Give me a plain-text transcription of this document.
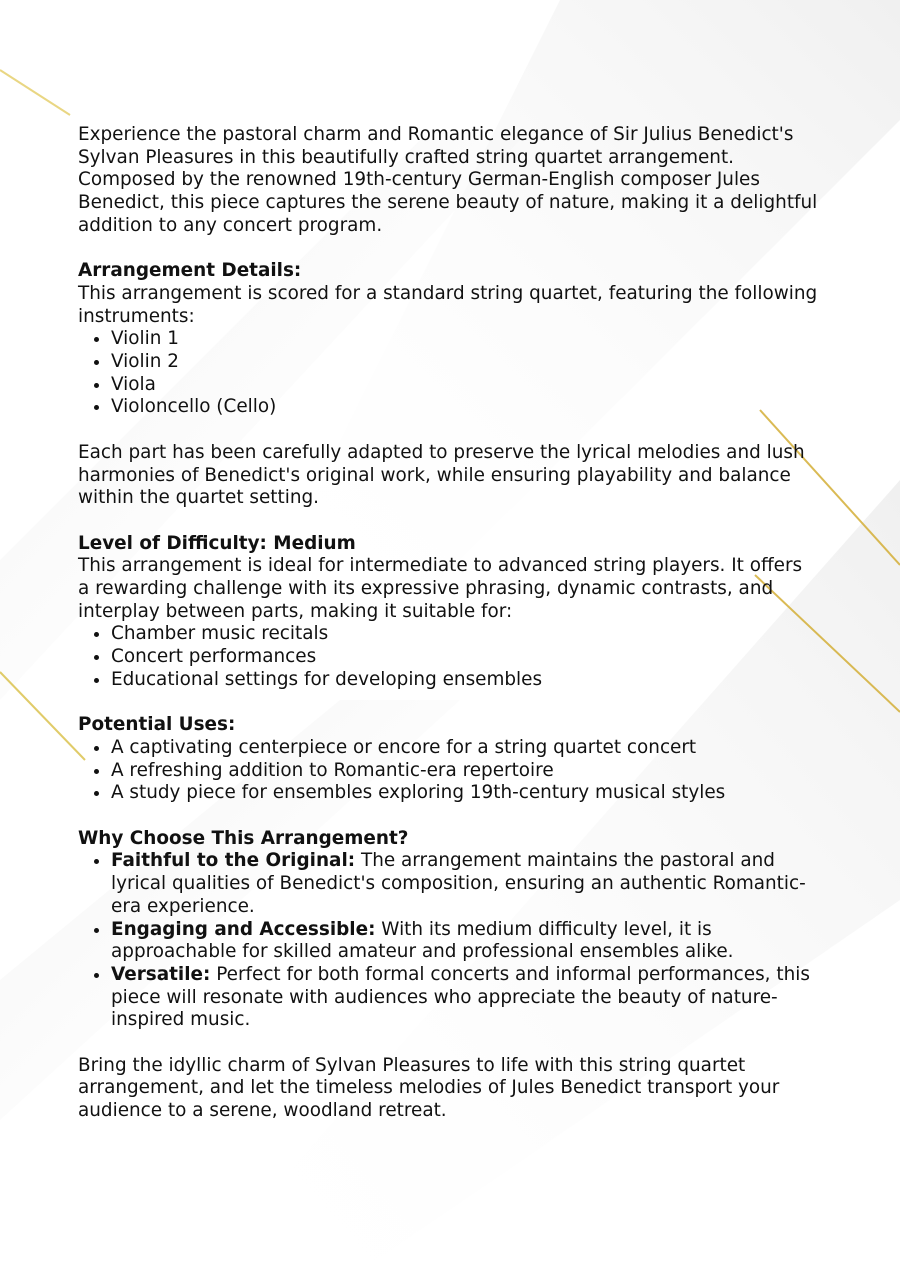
Experience the pastoral charm and Romantic elegance of Sir Julius Benedict's Sylvan Pleasures in this beautifully crafted string quartet arrangement. Composed by the renowned 19th-century German-English composer Jules Benedict, this piece captures the serene beauty of nature, making it a delightful addition to any concert program.

Arrangement Details:

This arrangement is scored for a standard string quartet, featuring the following instruments:

• Violin 1
• Violin 2
• Viola
• Violoncello (Cello)

Each part has been carefully adapted to preserve the lyrical melodies and lush harmonies of Benedict's original work, while ensuring playability and balance within the quartet setting.

Level of Difficulty: Medium

This arrangement is ideal for intermediate to advanced string players. It offers a rewarding challenge with its expressive phrasing, dynamic contrasts, and interplay between parts, making it suitable for:

• Chamber music recitals
• Concert performances
• Educational settings for developing ensembles

Potential Uses:

• A captivating centerpiece or encore for a string quartet concert
• A refreshing addition to Romantic-era repertoire
• A study piece for ensembles exploring 19th-century musical styles

Why Choose This Arrangement?

• Faithful to the Original: The arrangement maintains the pastoral and lyrical qualities of Benedict's composition, ensuring an authentic Romantic-era experience.
• Engaging and Accessible: With its medium difficulty level, it is approachable for skilled amateur and professional ensembles alike.
• Versatile: Perfect for both formal concerts and informal performances, this piece will resonate with audiences who appreciate the beauty of nature-inspired music.

Bring the idyllic charm of Sylvan Pleasures to life with this string quartet arrangement, and let the timeless melodies of Jules Benedict transport your audience to a serene, woodland retreat.
